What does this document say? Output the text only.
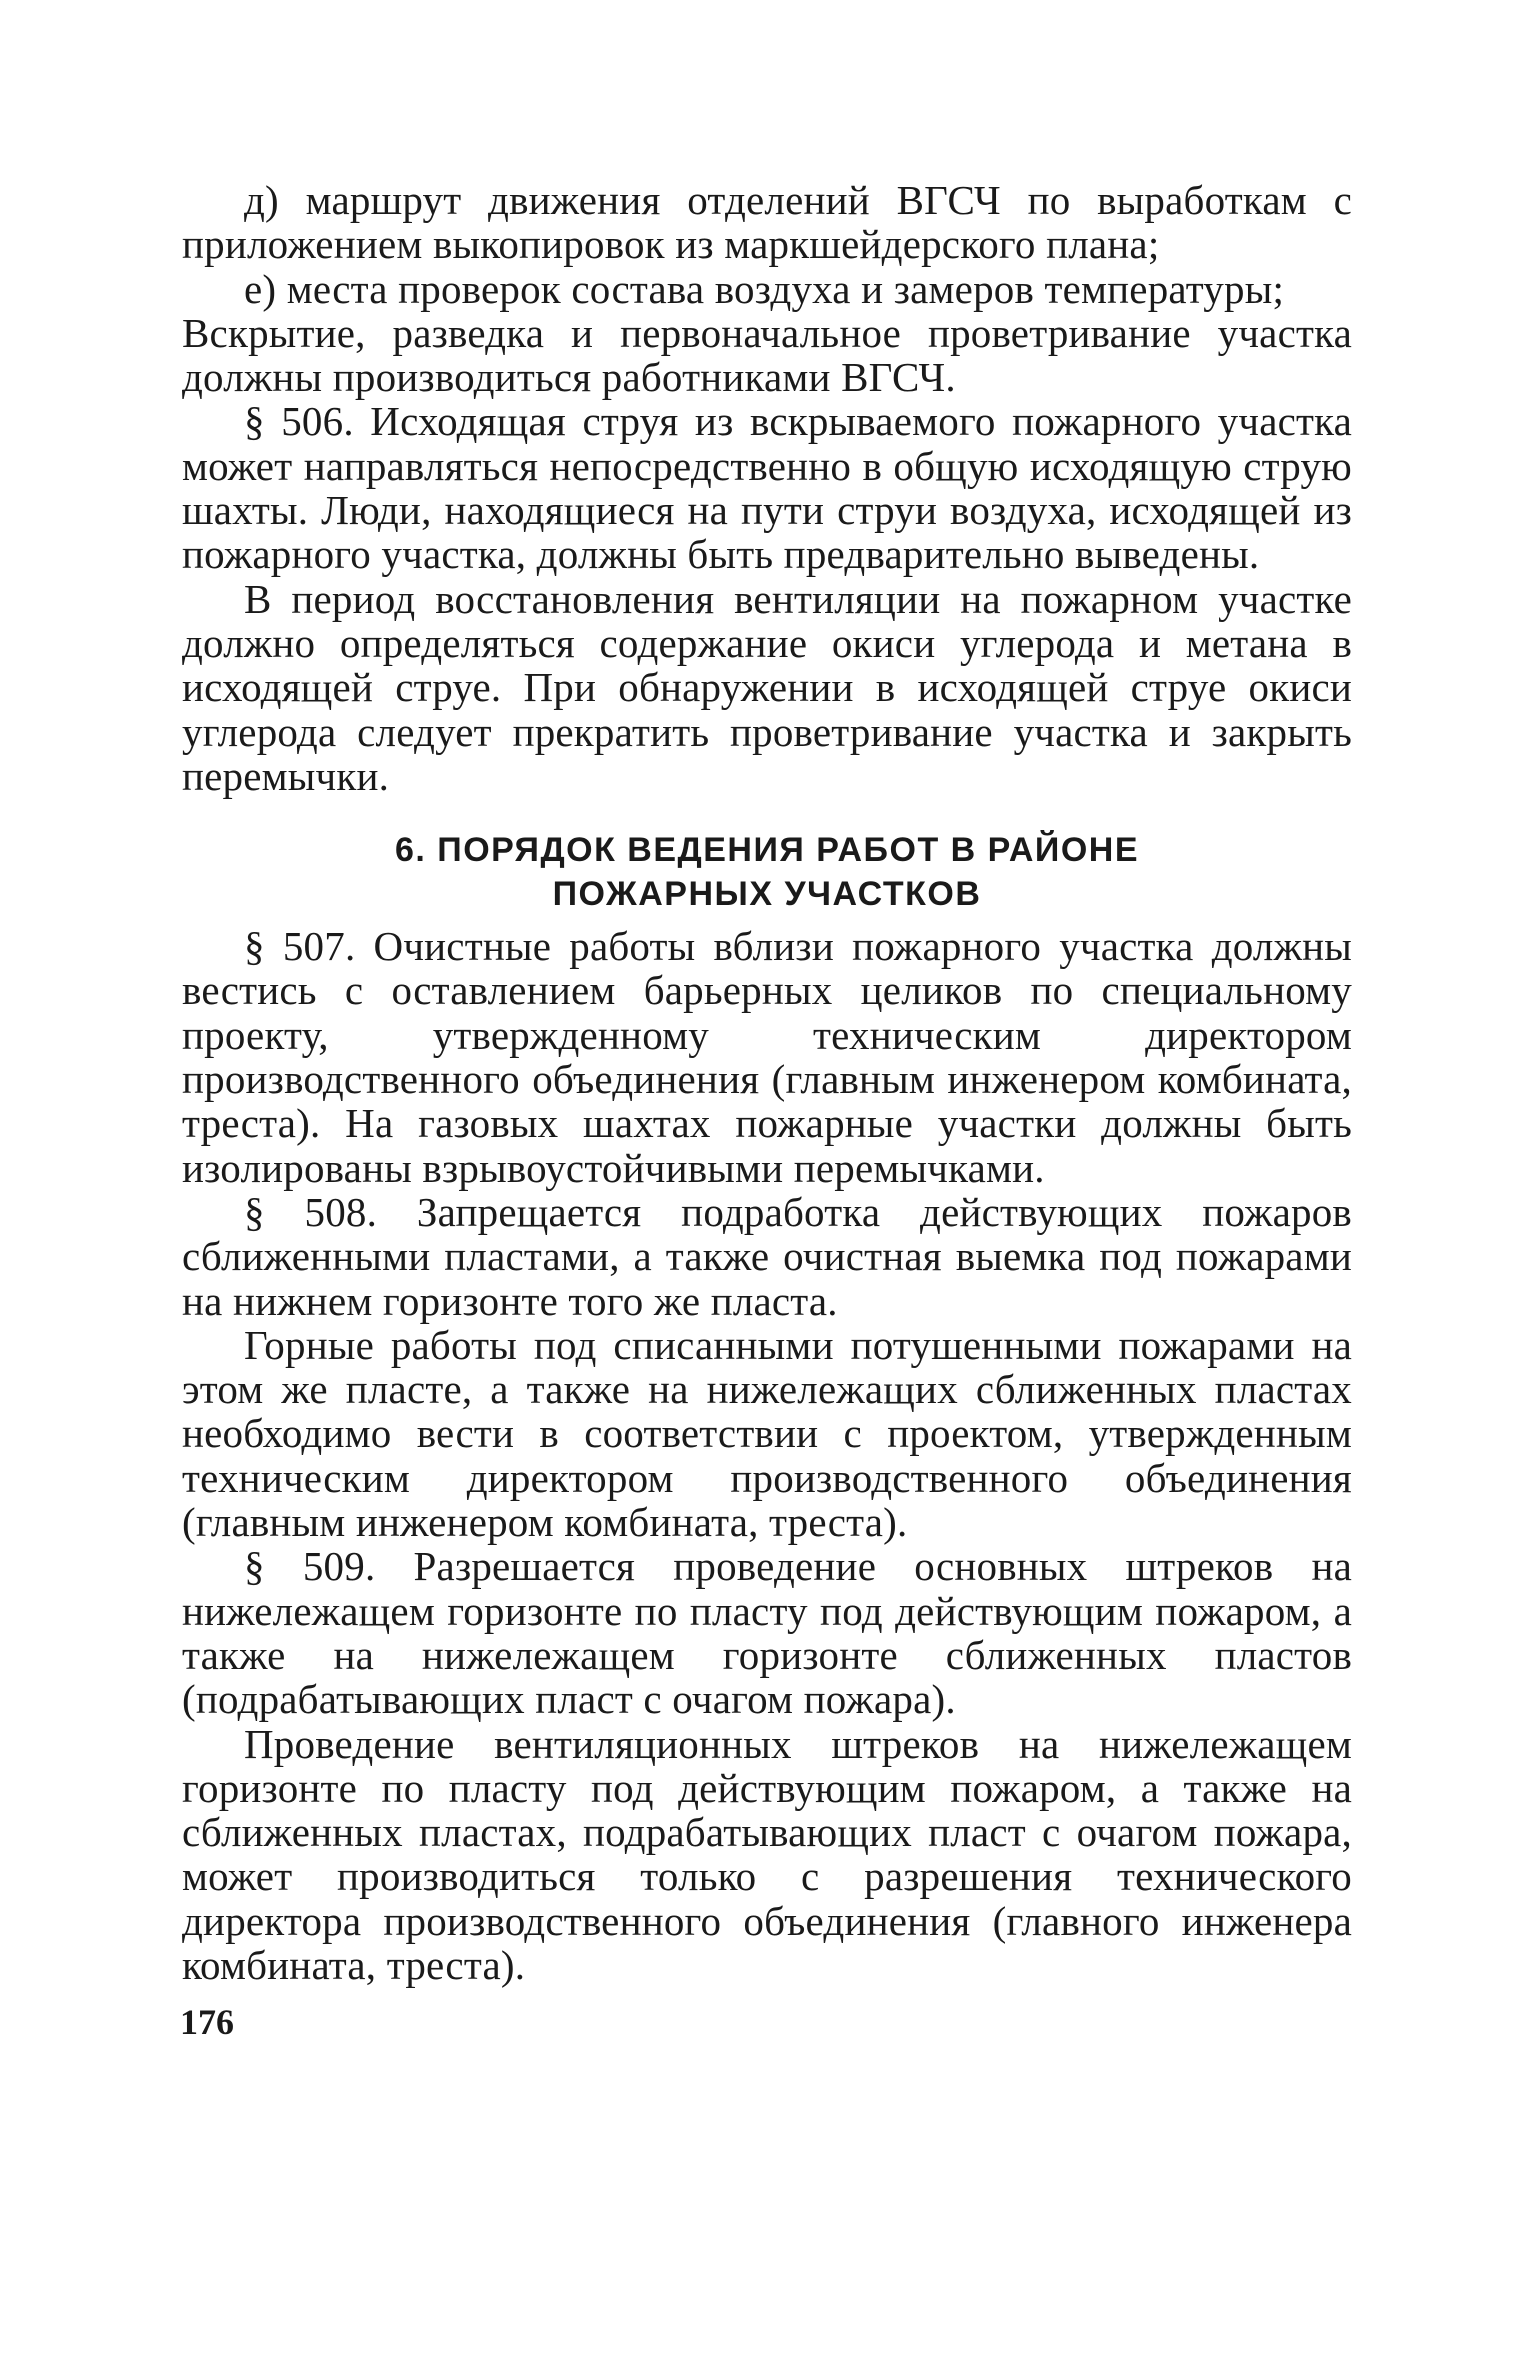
д) маршрут движения отделений ВГСЧ по выработкам с приложением выкопировок из маркшейдерского плана;

е) места проверок состава воздуха и замеров температуры;

Вскрытие, разведка и первоначальное проветривание участка должны производиться работниками ВГСЧ.

§ 506. Исходящая струя из вскрываемого пожарного участка может направляться непосредственно в общую исходящую струю шахты. Люди, находящиеся на пути струи воздуха, исходящей из пожарного участка, должны быть предварительно выведены.

В период восстановления вентиляции на пожарном участке должно определяться содержание окиси углерода и метана в исходящей струе. При обнаружении в исходящей струе окиси углерода следует прекратить проветривание участка и закрыть перемычки.

6. ПОРЯДОК ВЕДЕНИЯ РАБОТ В РАЙОНЕ
ПОЖАРНЫХ УЧАСТКОВ

§ 507. Очистные работы вблизи пожарного участка должны вестись с оставлением барьерных целиков по специальному проекту, утвержденному техническим директором производственного объединения (главным инженером комбината, треста). На газовых шахтах пожарные участки должны быть изолированы взрывоустойчивыми перемычками.

§ 508. Запрещается подработка действующих пожаров сближенными пластами, а также очистная выемка под пожарами на нижнем горизонте того же пласта.

Горные работы под списанными потушенными пожарами на этом же пласте, а также на нижележащих сближенных пластах необходимо вести в соответствии с проектом, утвержденным техническим директором производственного объединения (главным инженером комбината, треста).

§ 509. Разрешается проведение основных штреков на нижележащем горизонте по пласту под действующим пожаром, а также на нижележащем горизонте сближенных пластов (подрабатывающих пласт с очагом пожара).

Проведение вентиляционных штреков на нижележащем горизонте по пласту под действующим пожаром, а также на сближенных пластах, подрабатывающих пласт с очагом пожара, может производиться только с разрешения технического директора производственного объединения (главного инженера комбината, треста).

176
